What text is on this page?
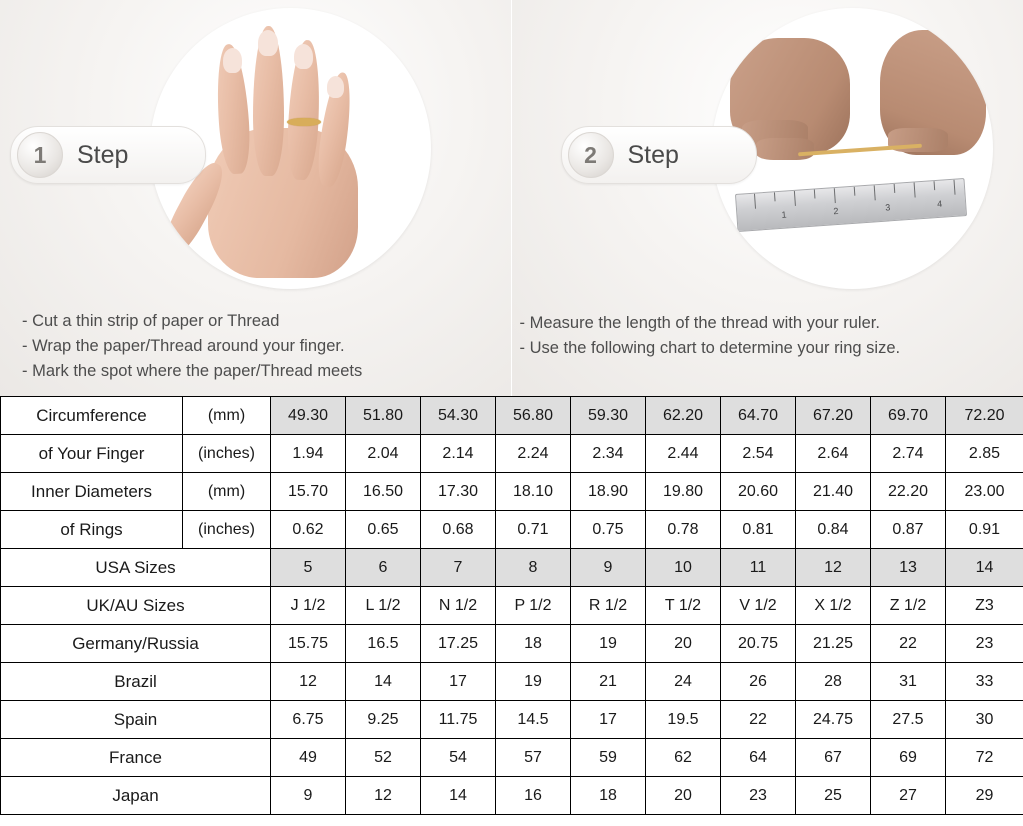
1	Step
- Cut a thin strip of paper or Thread
- Wrap the paper/Thread around your finger.
- Mark the spot where the paper/Thread meets
1	2	3	4
2	Step
- Measure the length of the thread with your ruler.
- Use the following chart to determine your ring size.
Circumference	(mm)	49.30	51.80	54.30	56.80	59.30	62.20	64.70	67.20	69.70	72.20
of Your Finger	(inches)	1.94	2.04	2.14	2.24	2.34	2.44	2.54	2.64	2.74	2.85
Inner Diameters	(mm)	15.70	16.50	17.30	18.10	18.90	19.80	20.60	21.40	22.20	23.00
of Rings	(inches)	0.62	0.65	0.68	0.71	0.75	0.78	0.81	0.84	0.87	0.91
USA Sizes		5	6	7	8	9	10	11	12	13	14
UK/AU Sizes		J 1/2	L 1/2	N 1/2	P 1/2	R 1/2	T 1/2	V 1/2	X 1/2	Z 1/2	Z3
Germany/Russia		15.75	16.5	17.25	18	19	20	20.75	21.25	22	23
Brazil		12	14	17	19	21	24	26	28	31	33
Spain		6.75	9.25	11.75	14.5	17	19.5	22	24.75	27.5	30
France		49	52	54	57	59	62	64	67	69	72
Japan		9	12	14	16	18	20	23	25	27	29
